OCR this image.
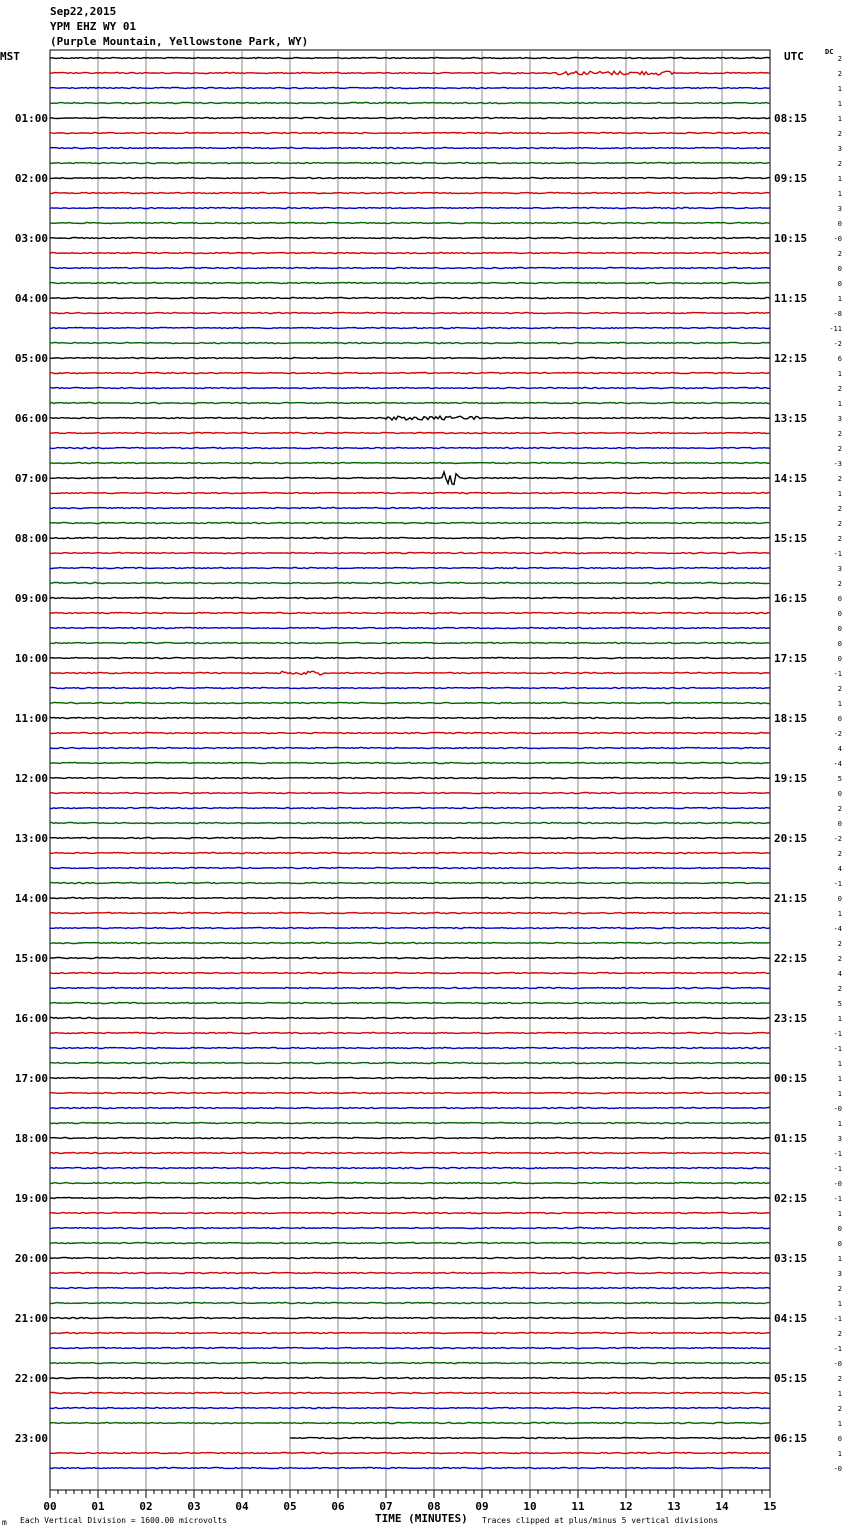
Sep22,2015
YPM EHZ WY 01
(Purple Mountain, Yellowstone Park, WY)
MST	UTC	DC
2
2
1
1
1
2
3
2
1
1
3
0
-0
2
0
0
1
-8
-11
-2
6
1
2
1
3
2
2
-3
2
1
2
2
2
-1
3
2
0
0
0
0
0
-1
2
1
0
-2
4
-4
5
0
2
0
-2
2
4
-1
0
1
-4
2
2
4
2
5
1
-1
-1
1
1
1
-0
1
3
-1
-1
-0
-1
1
0
0
1
3
2
1
-1
2
-1
-0
2
1
2
1
0
1
-0
01:00
02:00
03:00
04:00
05:00
06:00
07:00
08:00
09:00
10:00
11:00
12:00
13:00
14:00
15:00
16:00
17:00
18:00
19:00
20:00
21:00
22:00
23:00
08:15
09:15
10:15
11:15
12:15
13:15
14:15
15:15
16:15
17:15
18:15
19:15
20:15
21:15
22:15
23:15
00:15
01:15
02:15
03:15
04:15
05:15
06:15
00	01	02	03	04	05	06	07	08	09	10	11	12	13	14	15
m Each Vertical Division = 1600.00 microvolts	TIME (MINUTES) Traces clipped at plus/minus 5 vertical divisions
